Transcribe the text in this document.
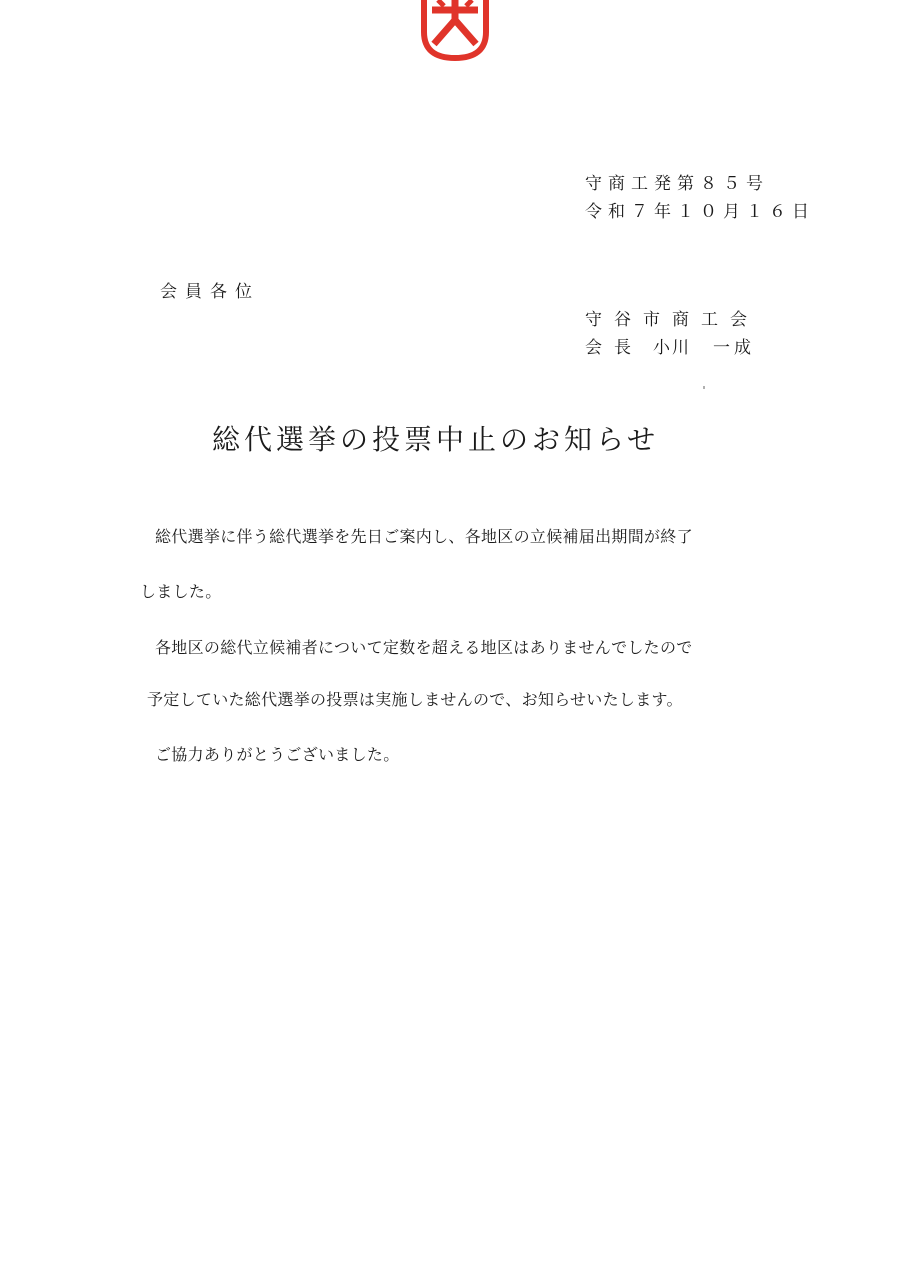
守商工発第８５号
令和７年１０月１６日
会員各位
守谷市商工会
会長 小川 一成
総代選挙の投票中止のお知らせ
総代選挙に伴う総代選挙を先日ご案内し、各地区の立候補届出期間が終了
しました。
各地区の総代立候補者について定数を超える地区はありませんでしたので
予定していた総代選挙の投票は実施しませんので、お知らせいたします。
ご協力ありがとうございました。
